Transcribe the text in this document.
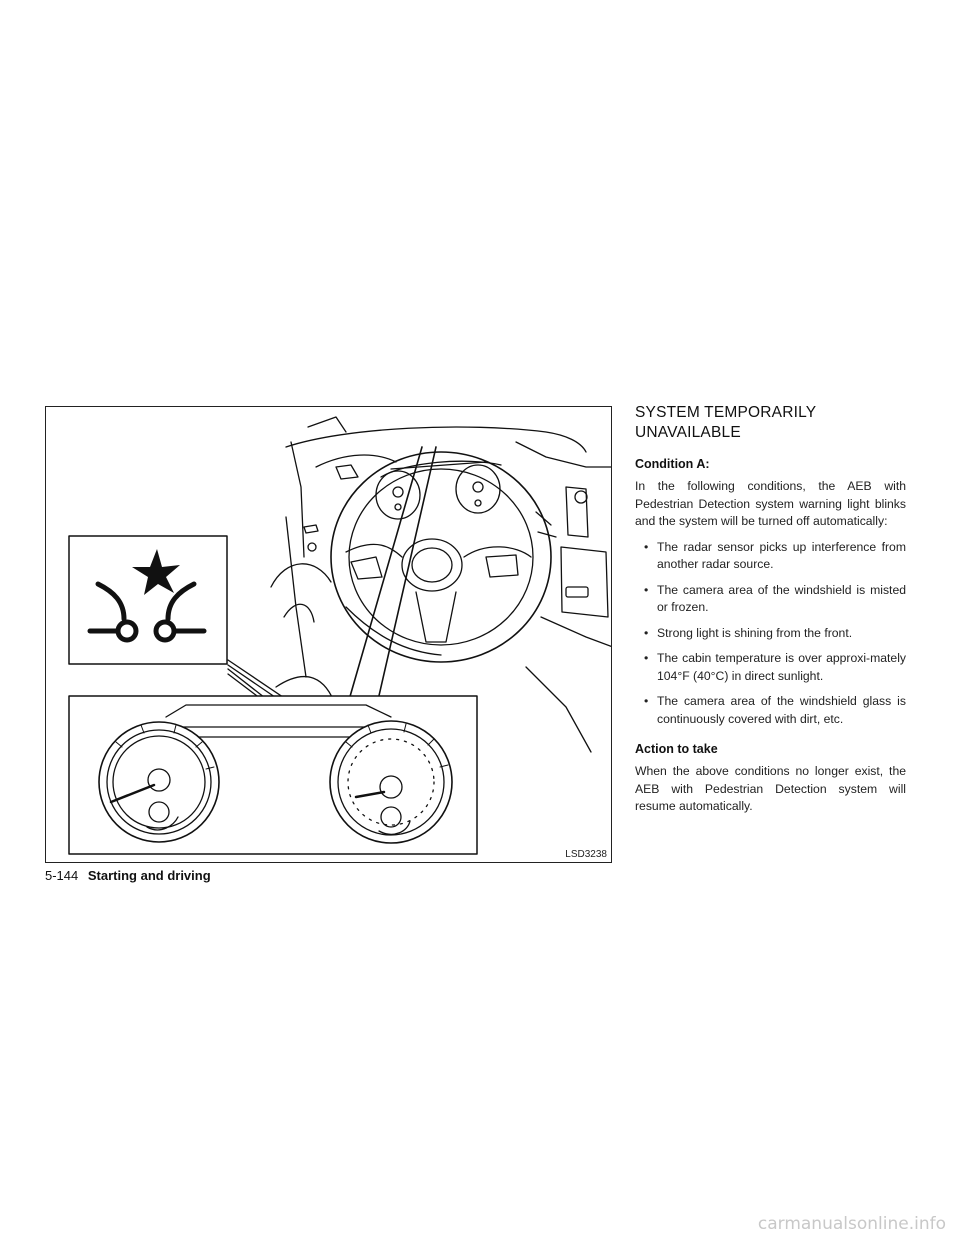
LSD3238
SYSTEM TEMPORARILY
UNAVAILABLE
Condition A:

In the following conditions, the AEB with Pedestrian Detection system warning light blinks and the system will be turned off automatically:

• The radar sensor picks up interference from another radar source.
• The camera area of the windshield is misted or frozen.
• Strong light is shining from the front.
• The cabin temperature is over approxi-mately 104°F (40°C) in direct sunlight.
• The camera area of the windshield glass is continuously covered with dirt, etc.
Action to take

When the above conditions no longer exist, the AEB with Pedestrian Detection system will resume automatically.

5-144 Starting and driving
carmanualsonline.info
